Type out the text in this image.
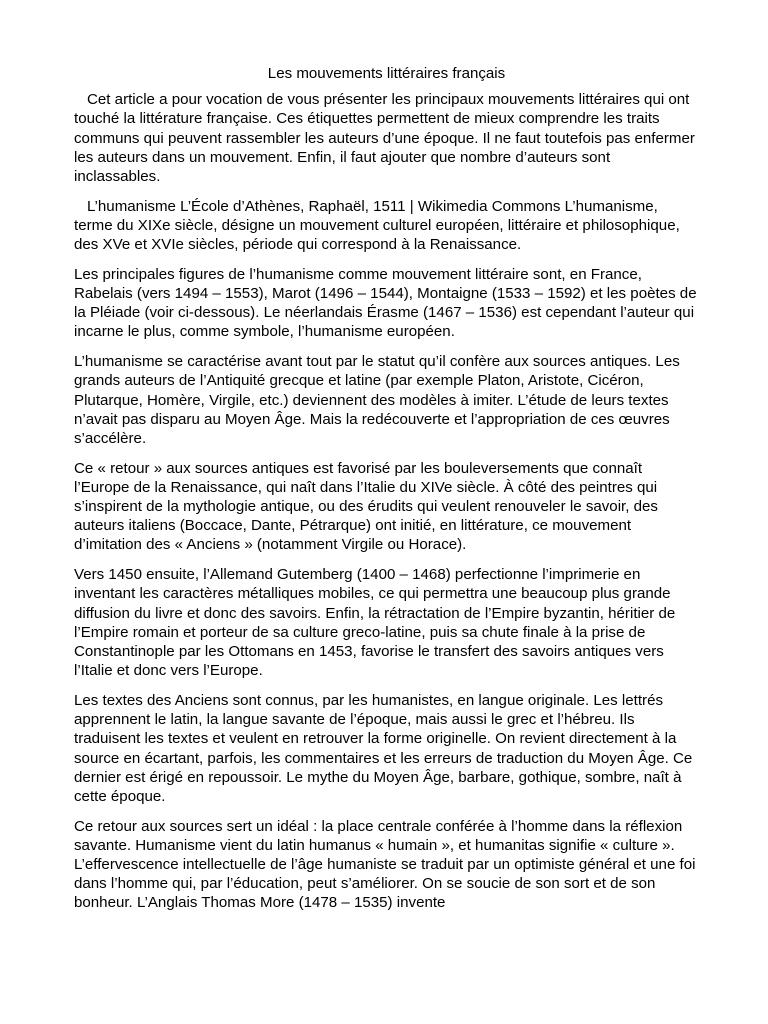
Les mouvements littéraires français

Cet article a pour vocation de vous présenter les principaux mouvements littéraires qui ont touché la littérature française. Ces étiquettes permettent de mieux comprendre les traits communs qui peuvent rassembler les auteurs d’une époque. Il ne faut toutefois pas enfermer les auteurs dans un mouvement. Enfin, il faut ajouter que nombre d’auteurs sont inclassables.

L’humanisme L’École d’Athènes, Raphaël, 1511 | Wikimedia Commons L’humanisme, terme du XIXe siècle, désigne un mouvement culturel européen, littéraire et philosophique, des XVe et XVIe siècles, période qui correspond à la Renaissance.

Les principales figures de l’humanisme comme mouvement littéraire sont, en France, Rabelais (vers 1494 – 1553), Marot (1496 – 1544), Montaigne (1533 – 1592) et les poètes de la Pléiade (voir ci-dessous). Le néerlandais Érasme (1467 – 1536) est cependant l’auteur qui incarne le plus, comme symbole, l’humanisme européen.

L’humanisme se caractérise avant tout par le statut qu’il confère aux sources antiques. Les grands auteurs de l’Antiquité grecque et latine (par exemple Platon, Aristote, Cicéron, Plutarque, Homère, Virgile, etc.) deviennent des modèles à imiter. L’étude de leurs textes n’avait pas disparu au Moyen Âge. Mais la redécouverte et l’appropriation de ces œuvres s’accélère.

Ce « retour » aux sources antiques est favorisé par les bouleversements que connaît l’Europe de la Renaissance, qui naît dans l’Italie du XIVe siècle. À côté des peintres qui s’inspirent de la mythologie antique, ou des érudits qui veulent renouveler le savoir, des auteurs italiens (Boccace, Dante, Pétrarque) ont initié, en littérature, ce mouvement d’imitation des « Anciens » (notamment Virgile ou Horace).

Vers 1450 ensuite, l’Allemand Gutemberg (1400 – 1468) perfectionne l’imprimerie en inventant les caractères métalliques mobiles, ce qui permettra une beaucoup plus grande diffusion du livre et donc des savoirs. Enfin, la rétractation de l’Empire byzantin, héritier de l’Empire romain et porteur de sa culture greco-latine, puis sa chute finale à la prise de Constantinople par les Ottomans en 1453, favorise le transfert des savoirs antiques vers l’Italie et donc vers l’Europe.

Les textes des Anciens sont connus, par les humanistes, en langue originale. Les lettrés apprennent le latin, la langue savante de l’époque, mais aussi le grec et l’hébreu. Ils traduisent les textes et veulent en retrouver la forme originelle. On revient directement à la source en écartant, parfois, les commentaires et les erreurs de traduction du Moyen Âge. Ce dernier est érigé en repoussoir. Le mythe du Moyen Âge, barbare, gothique, sombre, naît à cette époque.

Ce retour aux sources sert un idéal : la place centrale conférée à l’homme dans la réflexion savante. Humanisme vient du latin humanus « humain », et humanitas signifie « culture ». L’effervescence intellectuelle de l’âge humaniste se traduit par un optimiste général et une foi dans l’homme qui, par l’éducation, peut s’améliorer. On se soucie de son sort et de son bonheur. L’Anglais Thomas More (1478 – 1535) invente
